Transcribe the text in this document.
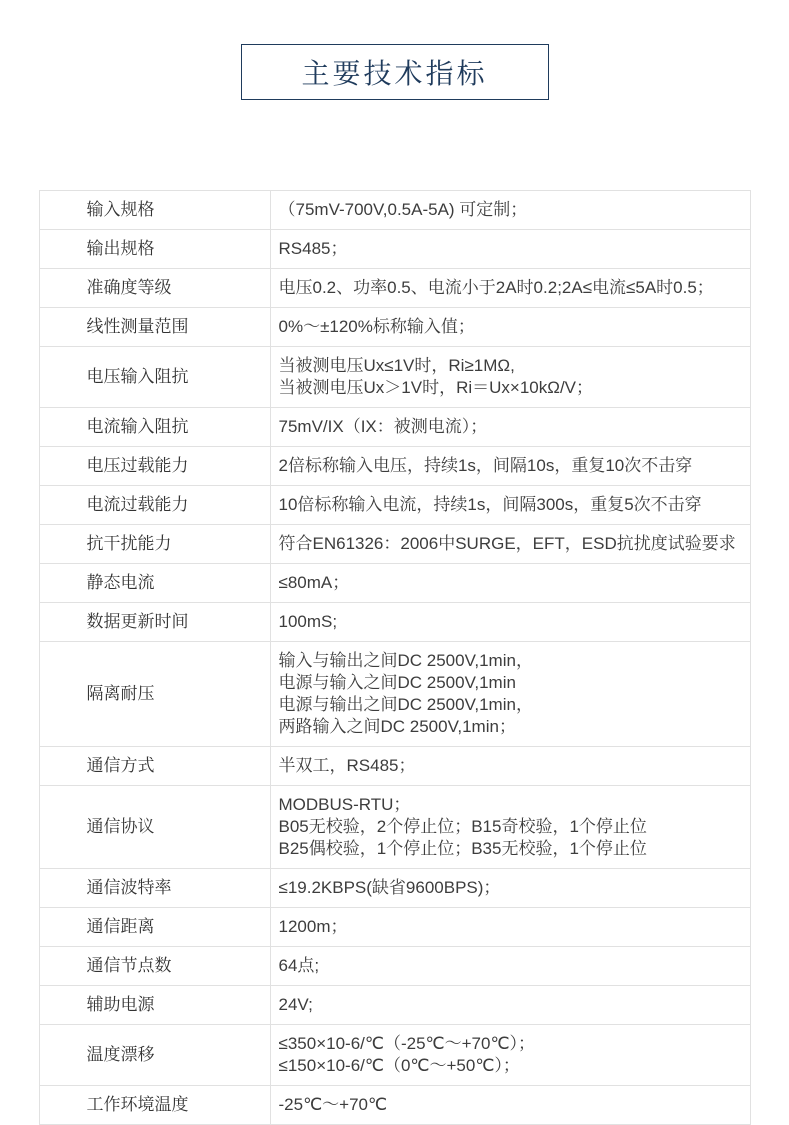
主要技术指标
输入规格	（75mV-700V,0.5A-5A) 可定制；

输出规格	RS485；

准确度等级	电压0.2、功率0.5、电流小于2A时0.2;2A≤电流≤5A时0.5；

线性测量范围	0%～±120%标称输入值；

电压输入阻抗	当被测电压Ux≤1V时，Ri≥1MΩ,
当被测电压Ux＞1V时，Ri＝Ux×10kΩ/V；

电流输入阻抗	75mV/IX（IX：被测电流）；

电压过载能力	2倍标称输入电压，持续1s，间隔10s，重复10次不击穿

电流过载能力	10倍标称输入电流，持续1s，间隔300s，重复5次不击穿

抗干扰能力	符合EN61326：2006中SURGE，EFT，ESD抗扰度试验要求

静态电流	≤80mA；

数据更新时间	100mS;

隔离耐压	输入与输出之间DC 2500V,1min，
电源与输入之间DC 2500V,1min
电源与输出之间DC 2500V,1min，
两路输入之间DC 2500V,1min；

通信方式	半双工，RS485；

通信协议	MODBUS-RTU；
B05无校验，2个停止位；B15奇校验，1个停止位
B25偶校验，1个停止位；B35无校验，1个停止位

通信波特率	≤19.2KBPS(缺省9600BPS)；

通信距离	1200m；

通信节点数	64点;

辅助电源	24V;

温度漂移	≤350×10-6/℃（-25℃～+70℃）；
≤150×10-6/℃（0℃～+50℃）；

工作环境温度	-25℃～+70℃
